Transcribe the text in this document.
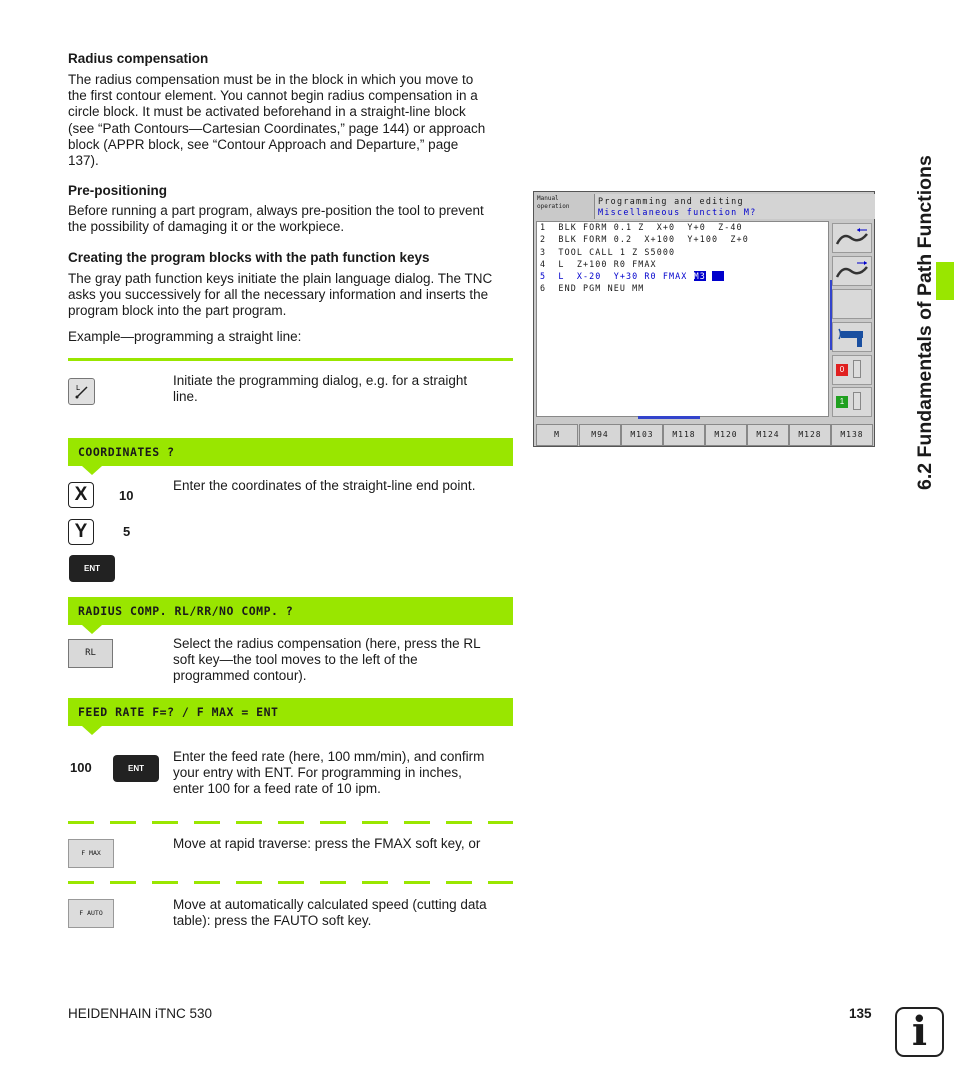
Radius compensation
The radius compensation must be in the block in which you move to
the first contour element. You cannot begin radius compensation in a
circle block. It must be activated beforehand in a straight-line block
(see “Path Contours—Cartesian Coordinates,” page 144) or approach
block (APPR block, see “Contour Approach and Departure,” page
137).
Pre-positioning
Before running a part program, always pre-position the tool to prevent
the possibility of damaging it or the workpiece.
Creating the program blocks with the path function keys
The gray path function keys initiate the plain language dialog. The TNC
asks you successively for all the necessary information and inserts the
program block into the part program.
Example—programming a straight line:
L	Initiate the programming dialog, e.g. for a straight
line.
COORDINATES ?
X	10
Y	5
ENT
Enter the coordinates of the straight-line end point.
RADIUS COMP. RL/RR/NO COMP. ?
RL
Select the radius compensation (here, press the RL
soft key—the tool moves to the left of the
programmed contour).
FEED RATE F=? / F MAX = ENT
100	ENT
Enter the feed rate (here, 100 mm/min), and confirm
your entry with ENT. For programming in inches,
enter 100 for a feed rate of 10 ipm.
F MAX
Move at rapid traverse: press the FMAX soft key, or
F AUTO
Move at automatically calculated speed (cutting data
table): press the FAUTO soft key.
Manual
operation
Programming and editing
Miscellaneous function M?
1  BLK FORM 0.1 Z  X+0  Y+0  Z-40
2  BLK FORM 0.2  X+100  Y+100  Z+0
3  TOOL CALL 1 Z S5000
4  L  Z+100 R0 FMAX
5  L  X-20  Y+30 R0 FMAX M3
6  END PGM NEU MM
0
1
M	M94	M103	M118	M120	M124	M128	M138	6.2 Fundamentals of Path Functions
HEIDENHAIN iTNC 530	135	i
